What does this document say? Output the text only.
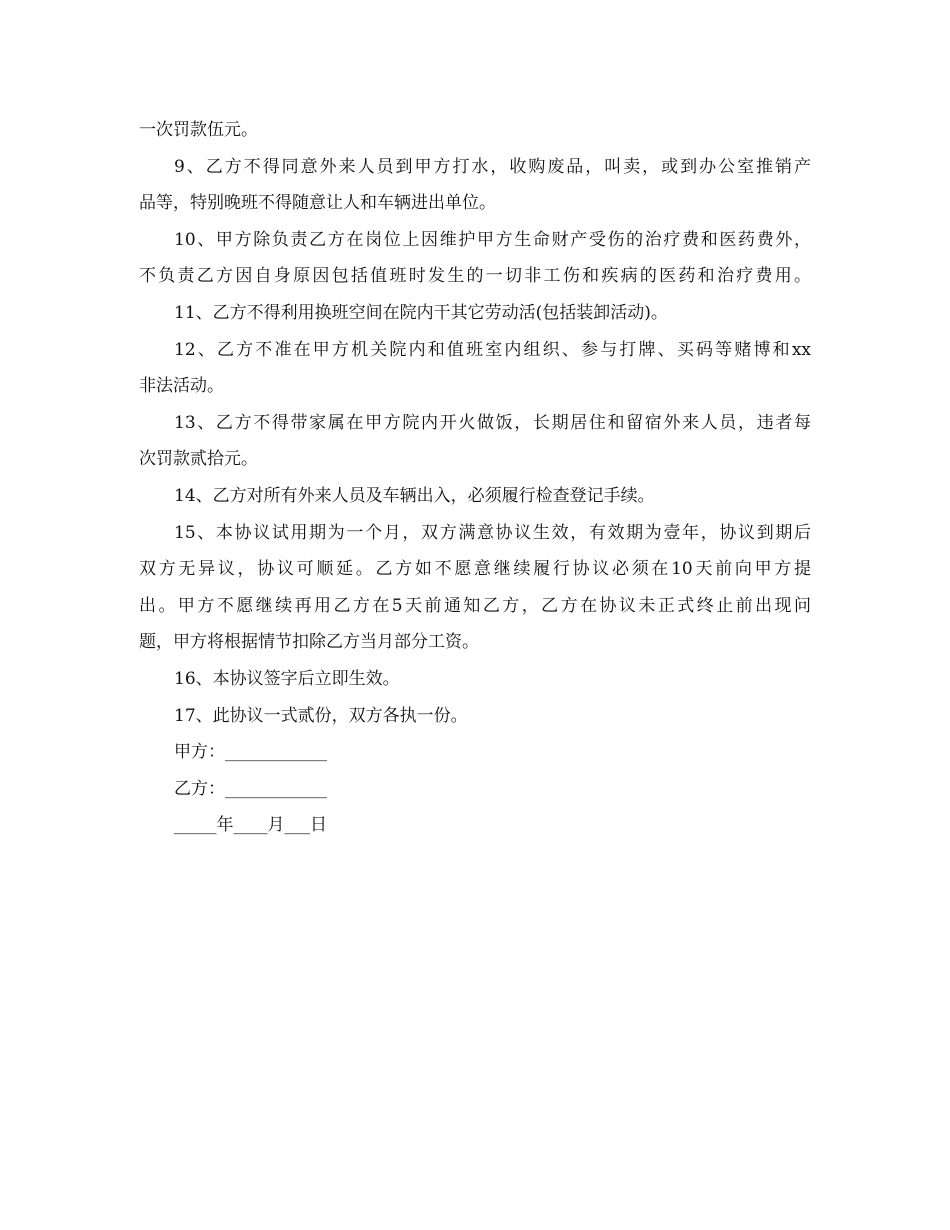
一次罚款伍元。
9、乙方不得同意外来人员到甲方打水，收购废品，叫卖，或到办公室推销产
品等，特别晚班不得随意让人和车辆进出单位。
10、甲方除负责乙方在岗位上因维护甲方生命财产受伤的治疗费和医药费外，
不负责乙方因自身原因包括值班时发生的一切非工伤和疾病的医药和治疗费用。
11、乙方不得利用换班空间在院内干其它劳动活(包括装卸活动)。
12、乙方不准在甲方机关院内和值班室内组织、参与打牌、买码等赌博和xx
非法活动。
13、乙方不得带家属在甲方院内开火做饭，长期居住和留宿外来人员，违者每
次罚款贰拾元。
14、乙方对所有外来人员及车辆出入，必须履行检查登记手续。
15、本协议试用期为一个月，双方满意协议生效，有效期为壹年，协议到期后
双方无异议，协议可顺延。乙方如不愿意继续履行协议必须在10天前向甲方提
出。甲方不愿继续再用乙方在5天前通知乙方，乙方在协议未正式终止前出现问
题，甲方将根据情节扣除乙方当月部分工资。
16、本协议签字后立即生效。
17、此协议一式贰份，双方各执一份。
甲方：____________
乙方：____________
_____年____月___日
